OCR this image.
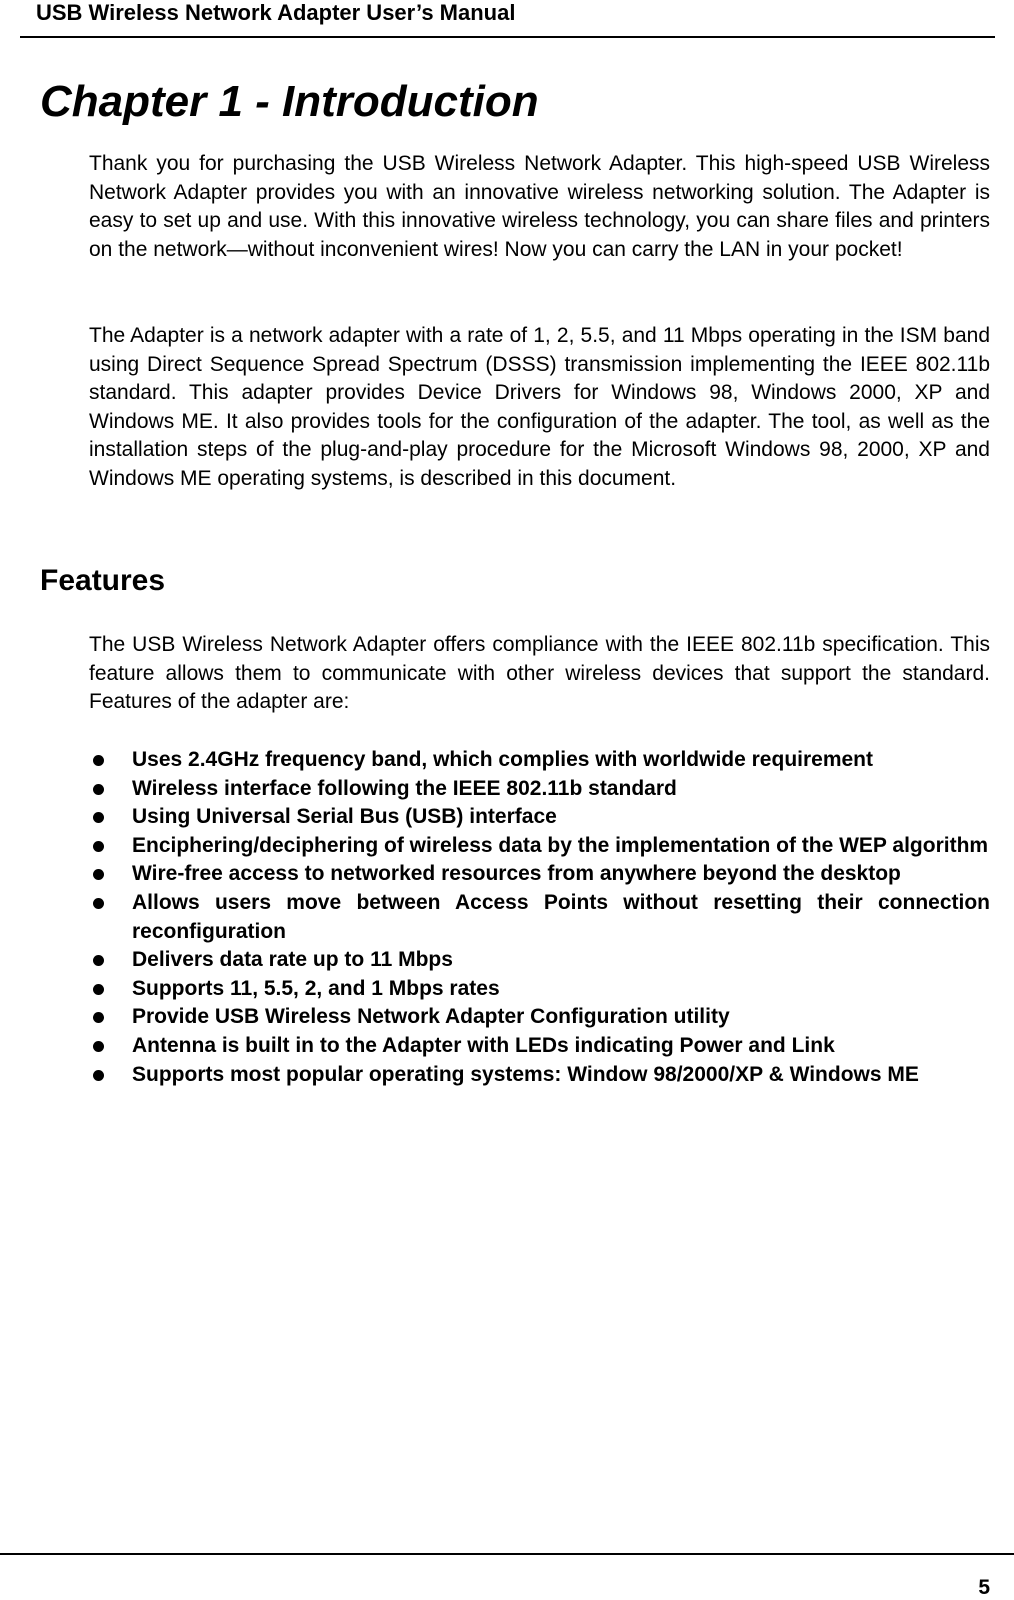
USB Wireless Network Adapter User’s Manual
Chapter 1 - Introduction

Thank you for purchasing the USB Wireless Network Adapter. This high-speed USB Wireless Network Adapter provides you with an innovative wireless networking solution. The Adapter is easy to set up and use. With this innovative wireless technology, you can share files and printers on the network—without inconvenient wires! Now you can carry the LAN in your pocket!

The Adapter is a network adapter with a rate of 1, 2, 5.5, and 11 Mbps operating in the ISM band using Direct Sequence Spread Spectrum (DSSS) transmission implementing the IEEE 802.11b standard. This adapter provides Device Drivers for Windows 98, Windows 2000, XP and Windows ME. It also provides tools for the configuration of the adapter. The tool, as well as the installation steps of the plug-and-play procedure for the Microsoft Windows 98, 2000, XP and Windows ME operating systems, is described in this document.

Features

The USB Wireless Network Adapter offers compliance with the IEEE 802.11b specification. This feature allows them to communicate with other wireless devices that support the standard. Features of the adapter are:

Uses 2.4GHz frequency band, which complies with worldwide requirement
Wireless interface following the IEEE 802.11b standard
Using Universal Serial Bus (USB) interface
Enciphering/deciphering of wireless data by the implementation of the WEP algorithm
Wire-free access to networked resources from anywhere beyond the desktop
Allows users move between Access Points without resetting their connection reconfiguration
Delivers data rate up to 11 Mbps
Supports 11, 5.5, 2, and 1 Mbps rates
Provide USB Wireless Network Adapter Configuration utility
Antenna is built in to the Adapter with LEDs indicating Power and Link
Supports most popular operating systems: Window 98/2000/XP & Windows ME
5
